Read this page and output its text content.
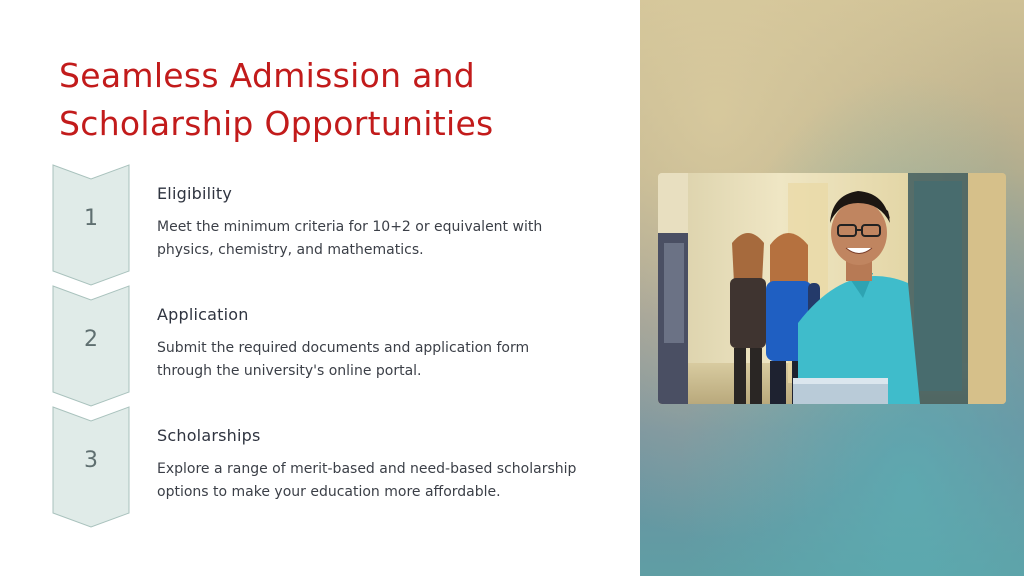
Seamless Admission and Scholarship Opportunities
1
Eligibility

Meet the minimum criteria for 10+2 or equivalent with physics, chemistry, and mathematics.

2
Application

Submit the required documents and application form through the university's online portal.

3
Scholarships

Explore a range of merit-based and need-based scholarship options to make your education more affordable.
